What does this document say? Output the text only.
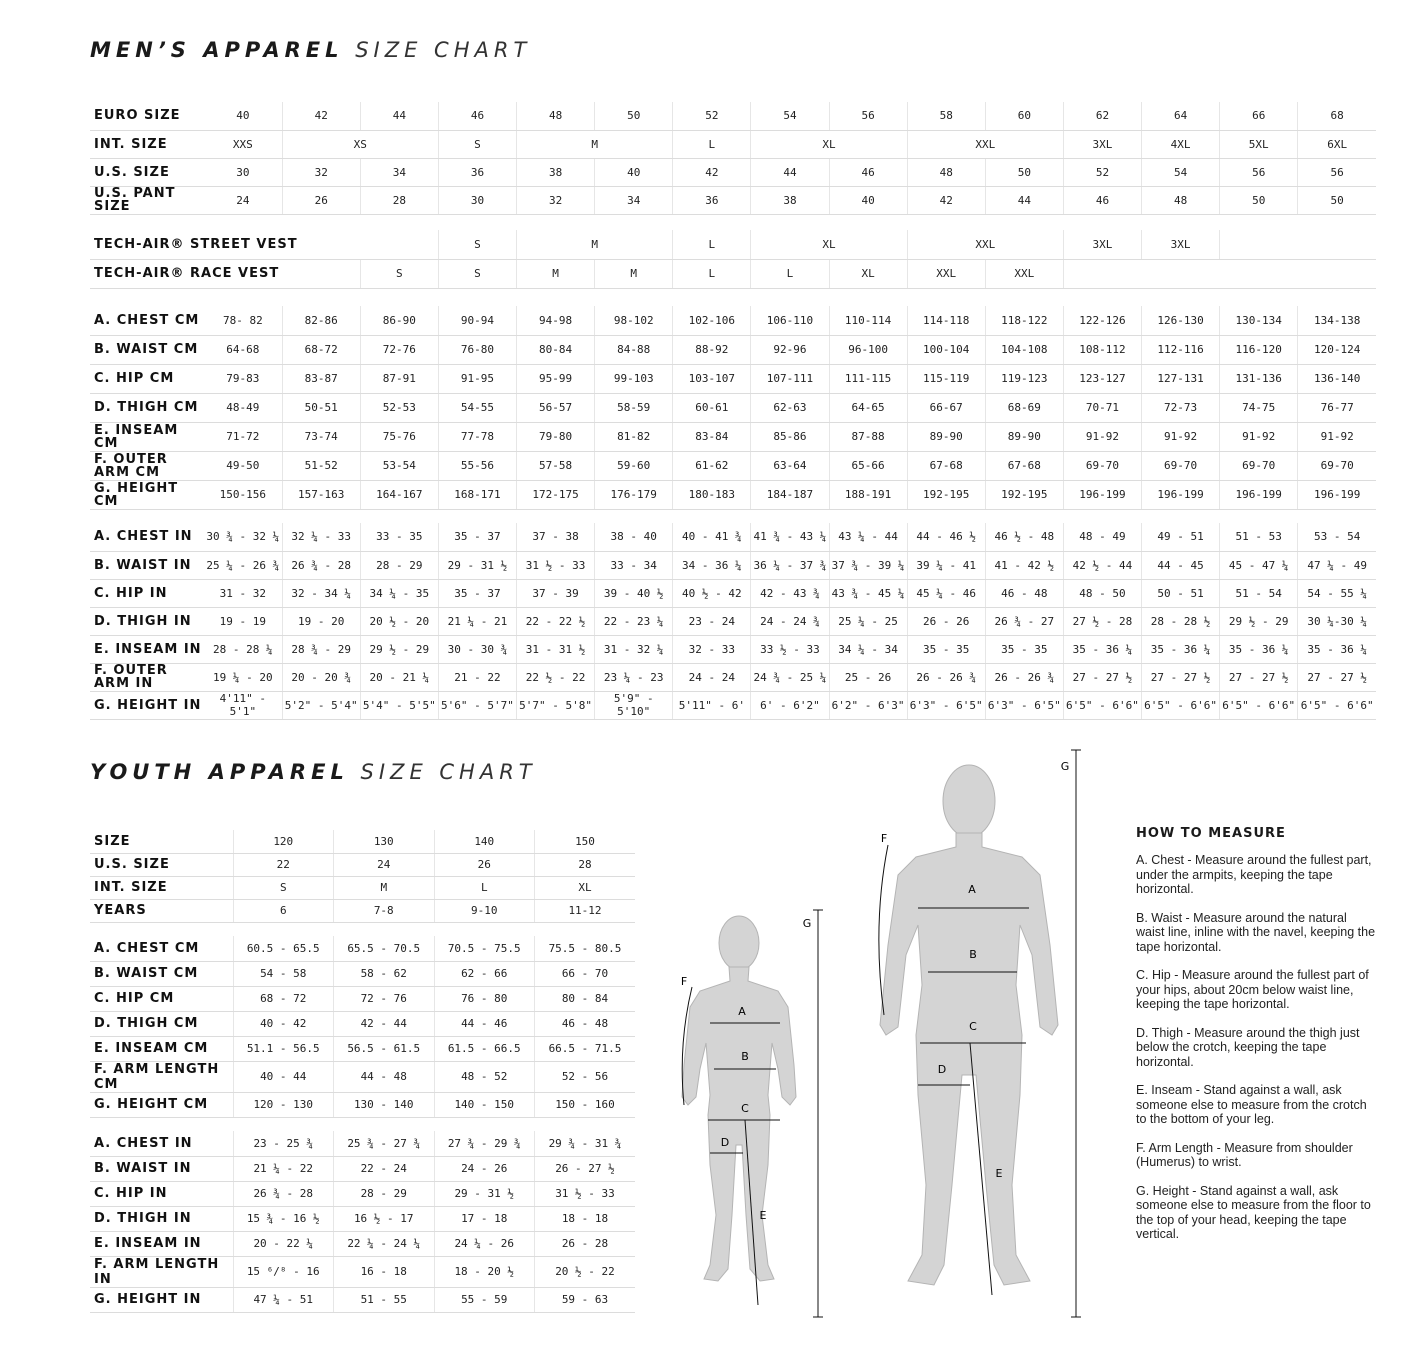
MEN’S APPAREL SIZE CHART
EURO SIZE	40	42	44	46	48	50	52	54	56	58	60	62	64	66	68
INT. SIZE	XXS	XS		S	M		L	XL		XXL		3XL	4XL	5XL	6XL
U.S. SIZE	30	32	34	36	38	40	42	44	46	48	50	52	54	56	56
U.S. PANT SIZE	24	26	28	30	32	34	36	38	40	42	44	46	48	50	50

TECH-AIR® STREET VEST				S	M		L	XL		XXL		3XL	3XL		
TECH-AIR® RACE VEST			S	S	M	M	L	L	XL	XXL	XXL				

A. CHEST CM	78- 82	82-86	86-90	90-94	94-98	98-102	102-106	106-110	110-114	114-118	118-122	122-126	126-130	130-134	134-138
B. WAIST CM	64-68	68-72	72-76	76-80	80-84	84-88	88-92	92-96	96-100	100-104	104-108	108-112	112-116	116-120	120-124
C. HIP CM	79-83	83-87	87-91	91-95	95-99	99-103	103-107	107-111	111-115	115-119	119-123	123-127	127-131	131-136	136-140
D. THIGH CM	48-49	50-51	52-53	54-55	56-57	58-59	60-61	62-63	64-65	66-67	68-69	70-71	72-73	74-75	76-77
E. INSEAM CM	71-72	73-74	75-76	77-78	79-80	81-82	83-84	85-86	87-88	89-90	89-90	91-92	91-92	91-92	91-92
F. OUTER ARM CM	49-50	51-52	53-54	55-56	57-58	59-60	61-62	63-64	65-66	67-68	67-68	69-70	69-70	69-70	69-70
G. HEIGHT CM	150-156	157-163	164-167	168-171	172-175	176-179	180-183	184-187	188-191	192-195	192-195	196-199	196-199	196-199	196-199

A. CHEST IN	30 ¾ - 32 ¼	32 ¼ - 33	33 - 35	35 - 37	37 - 38	38 - 40	40 - 41 ¾	41 ¾ - 43 ¼	43 ¼ - 44	44 - 46 ½	46 ½ - 48	48 - 49	49 - 51	51 - 53	53 - 54
B. WAIST IN	25 ¼ - 26 ¾	26 ¾ - 28	28 - 29	29 - 31 ½	31 ½ - 33	33 - 34	34 - 36 ¼	36 ¼ - 37 ¾	37 ¾ - 39 ¼	39 ¼ - 41	41 - 42 ½	42 ½ - 44	44 - 45	45 - 47 ¼	47 ¼ - 49
C. HIP IN	31 - 32	32 - 34 ¼	34 ¼ - 35	35 - 37	37 - 39	39 - 40 ½	40 ½ - 42	42 - 43 ¾	43 ¾ - 45 ¼	45 ¼ - 46	46 - 48	48 - 50	50 - 51	51 - 54	54 - 55 ¼
D. THIGH IN	19 - 19	19 - 20	20 ½ - 20	21 ¼ - 21	22 - 22 ½	22 - 23 ¼	23 - 24	24 - 24 ¾	25 ¼ - 25	26 - 26	26 ¾ - 27	27 ½ - 28	28 - 28 ½	29 ½ - 29	30 ¼-30 ¼
E. INSEAM IN	28 - 28 ¼	28 ¾ - 29	29 ½ - 29	30 - 30 ¾	31 - 31 ½	31 - 32 ¼	32 - 33	33 ½ - 33	34 ¼ - 34	35 - 35	35 - 35	35 - 36 ¼	35 - 36 ¼	35 - 36 ¼	35 - 36 ¼
F. OUTER ARM IN	19 ¼ - 20	20 - 20 ¾	20 - 21 ¼	21 - 22	22 ½ - 22	23 ¼ - 23	24 - 24	24 ¾ - 25 ¼	25 - 26	26 - 26 ¾	26 - 26 ¾	27 - 27 ½	27 - 27 ½	27 - 27 ½	27 - 27 ½
G. HEIGHT IN	4'11" - 5'1"	5'2" - 5'4"	5'4" - 5'5"	5'6" - 5'7"	5'7" - 5'8"	5'9" - 5'10"	5'11" - 6'	6' - 6'2"	6'2" - 6'3"	6'3" - 6'5"	6'3" - 6'5"	6'5" - 6'6"	6'5" - 6'6"	6'5" - 6'6"	6'5" - 6'6"
YOUTH APPAREL SIZE CHART
SIZE	120	130	140	150
U.S. SIZE	22	24	26	28
INT. SIZE	S	M	L	XL
YEARS	6	7-8	9-10	11-12

A. CHEST CM	60.5 - 65.5	65.5 - 70.5	70.5 - 75.5	75.5 - 80.5
B. WAIST CM	54 - 58	58 - 62	62 - 66	66 - 70
C. HIP CM	68 - 72	72 - 76	76 - 80	80 - 84
D. THIGH CM	40 - 42	42 - 44	44 - 46	46 - 48
E. INSEAM CM	51.1 - 56.5	56.5 - 61.5	61.5 - 66.5	66.5 - 71.5
F. ARM LENGTH CM	40 - 44	44 - 48	48 - 52	52 - 56
G. HEIGHT CM	120 - 130	130 - 140	140 - 150	150 - 160

A. CHEST IN	23 - 25 ¾	25 ¾ - 27 ¾	27 ¾ - 29 ¾	29 ¾ - 31 ¾
B. WAIST IN	21 ¼ - 22	22 - 24	24 - 26	26 - 27 ½
C. HIP IN	26 ¾ - 28	28 - 29	29 - 31 ½	31 ½ - 33
D. THIGH IN	15 ¾ - 16 ½	16 ½ - 17	17 - 18	18 - 18
E. INSEAM IN	20 - 22 ¼	22 ¼ - 24 ¼	24 ¼ - 26	26 - 28
F. ARM LENGTH IN	15 ⁶/⁸ - 16	16 - 18	18 - 20 ½	20 ½ - 22
G. HEIGHT IN	47 ¼ - 51	51 - 55	55 - 59	59 - 63
A
B
C
D
E
F
G
A
B
C
D
E
F
G
HOW TO MEASURE

A. Chest - Measure around the fullest part, under the armpits, keeping the tape horizontal.

B. Waist - Measure around the natural waist line, inline with the navel, keeping the tape horizontal.

C. Hip - Measure around the fullest part of your hips, about 20cm below waist line, keeping the tape horizontal.

D. Thigh - Measure around the thigh just below the crotch, keeping the tape horizontal.

E. Inseam - Stand against a wall, ask someone else to measure from the crotch to the bottom of your leg.

F. Arm Length - Measure from shoulder (Humerus) to wrist.

G. Height - Stand against a wall, ask someone else to measure from the floor to the top of your head, keeping the tape vertical.
